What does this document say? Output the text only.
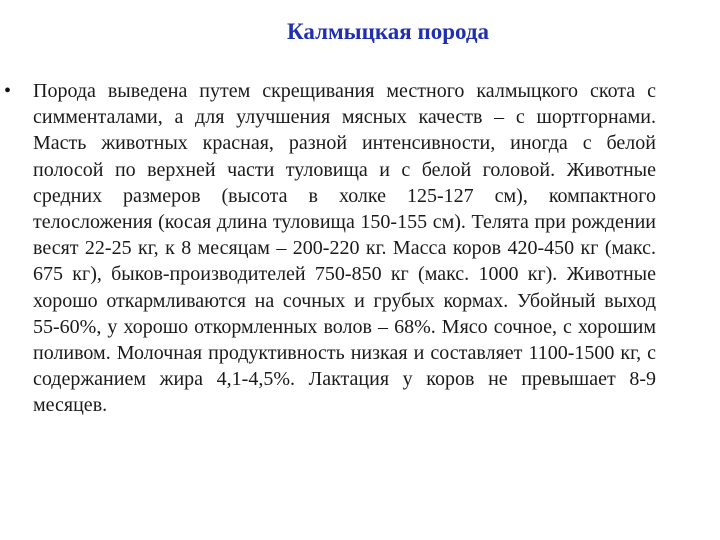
Калмыцкая порода
• Порода выведена путем скрещивания местного калмыцкого скота с симменталами, а для улучшения мясных качеств – с шортгорнами. Масть животных красная, разной интенсивности, иногда с белой полосой по верхней части туловища и с белой головой. Животные средних размеров (высота в холке 125-127 см), компактного телосложения (косая длина туловища 150-155 см). Телята при рождении весят 22-25 кг, к 8 месяцам – 200-220 кг. Масса коров 420-450 кг (макс. 675 кг), быков-производителей 750-850 кг (макс. 1000 кг). Животные хорошо откармливаются на сочных и грубых кормах. Убойный выход 55-60%, у хорошо откормленных волов – 68%. Мясо сочное, с хорошим поливом. Молочная продуктивность низкая и составляет 1100-1500 кг, с содержанием жира 4,1-4,5%. Лактация у коров не превышает 8-9 месяцев.
